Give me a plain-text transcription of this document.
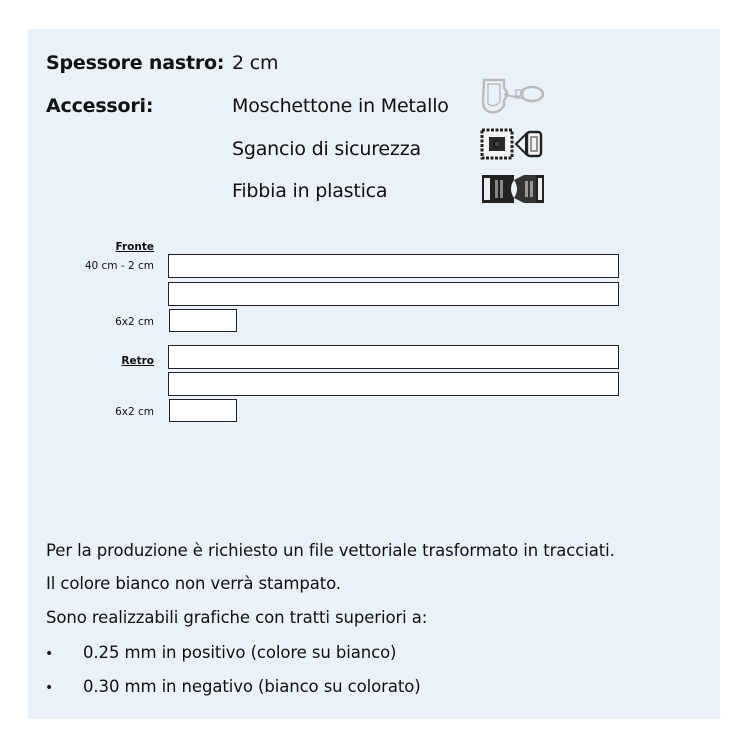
Spessore nastro: 2 cm
Accessori:	Moschettone in Metallo
Sgancio di sicurezza
Fibbia in plastica
Fronte
40 cm - 2 cm
6x2 cm
Retro
6x2 cm
Per la produzione è richiesto un file vettoriale trasformato in tracciati.
Il colore bianco non verrà stampato.
Sono realizzabili grafiche con tratti superiori a:
• 0.25 mm in positivo (colore su bianco)
• 0.30 mm in negativo (bianco su colorato)
